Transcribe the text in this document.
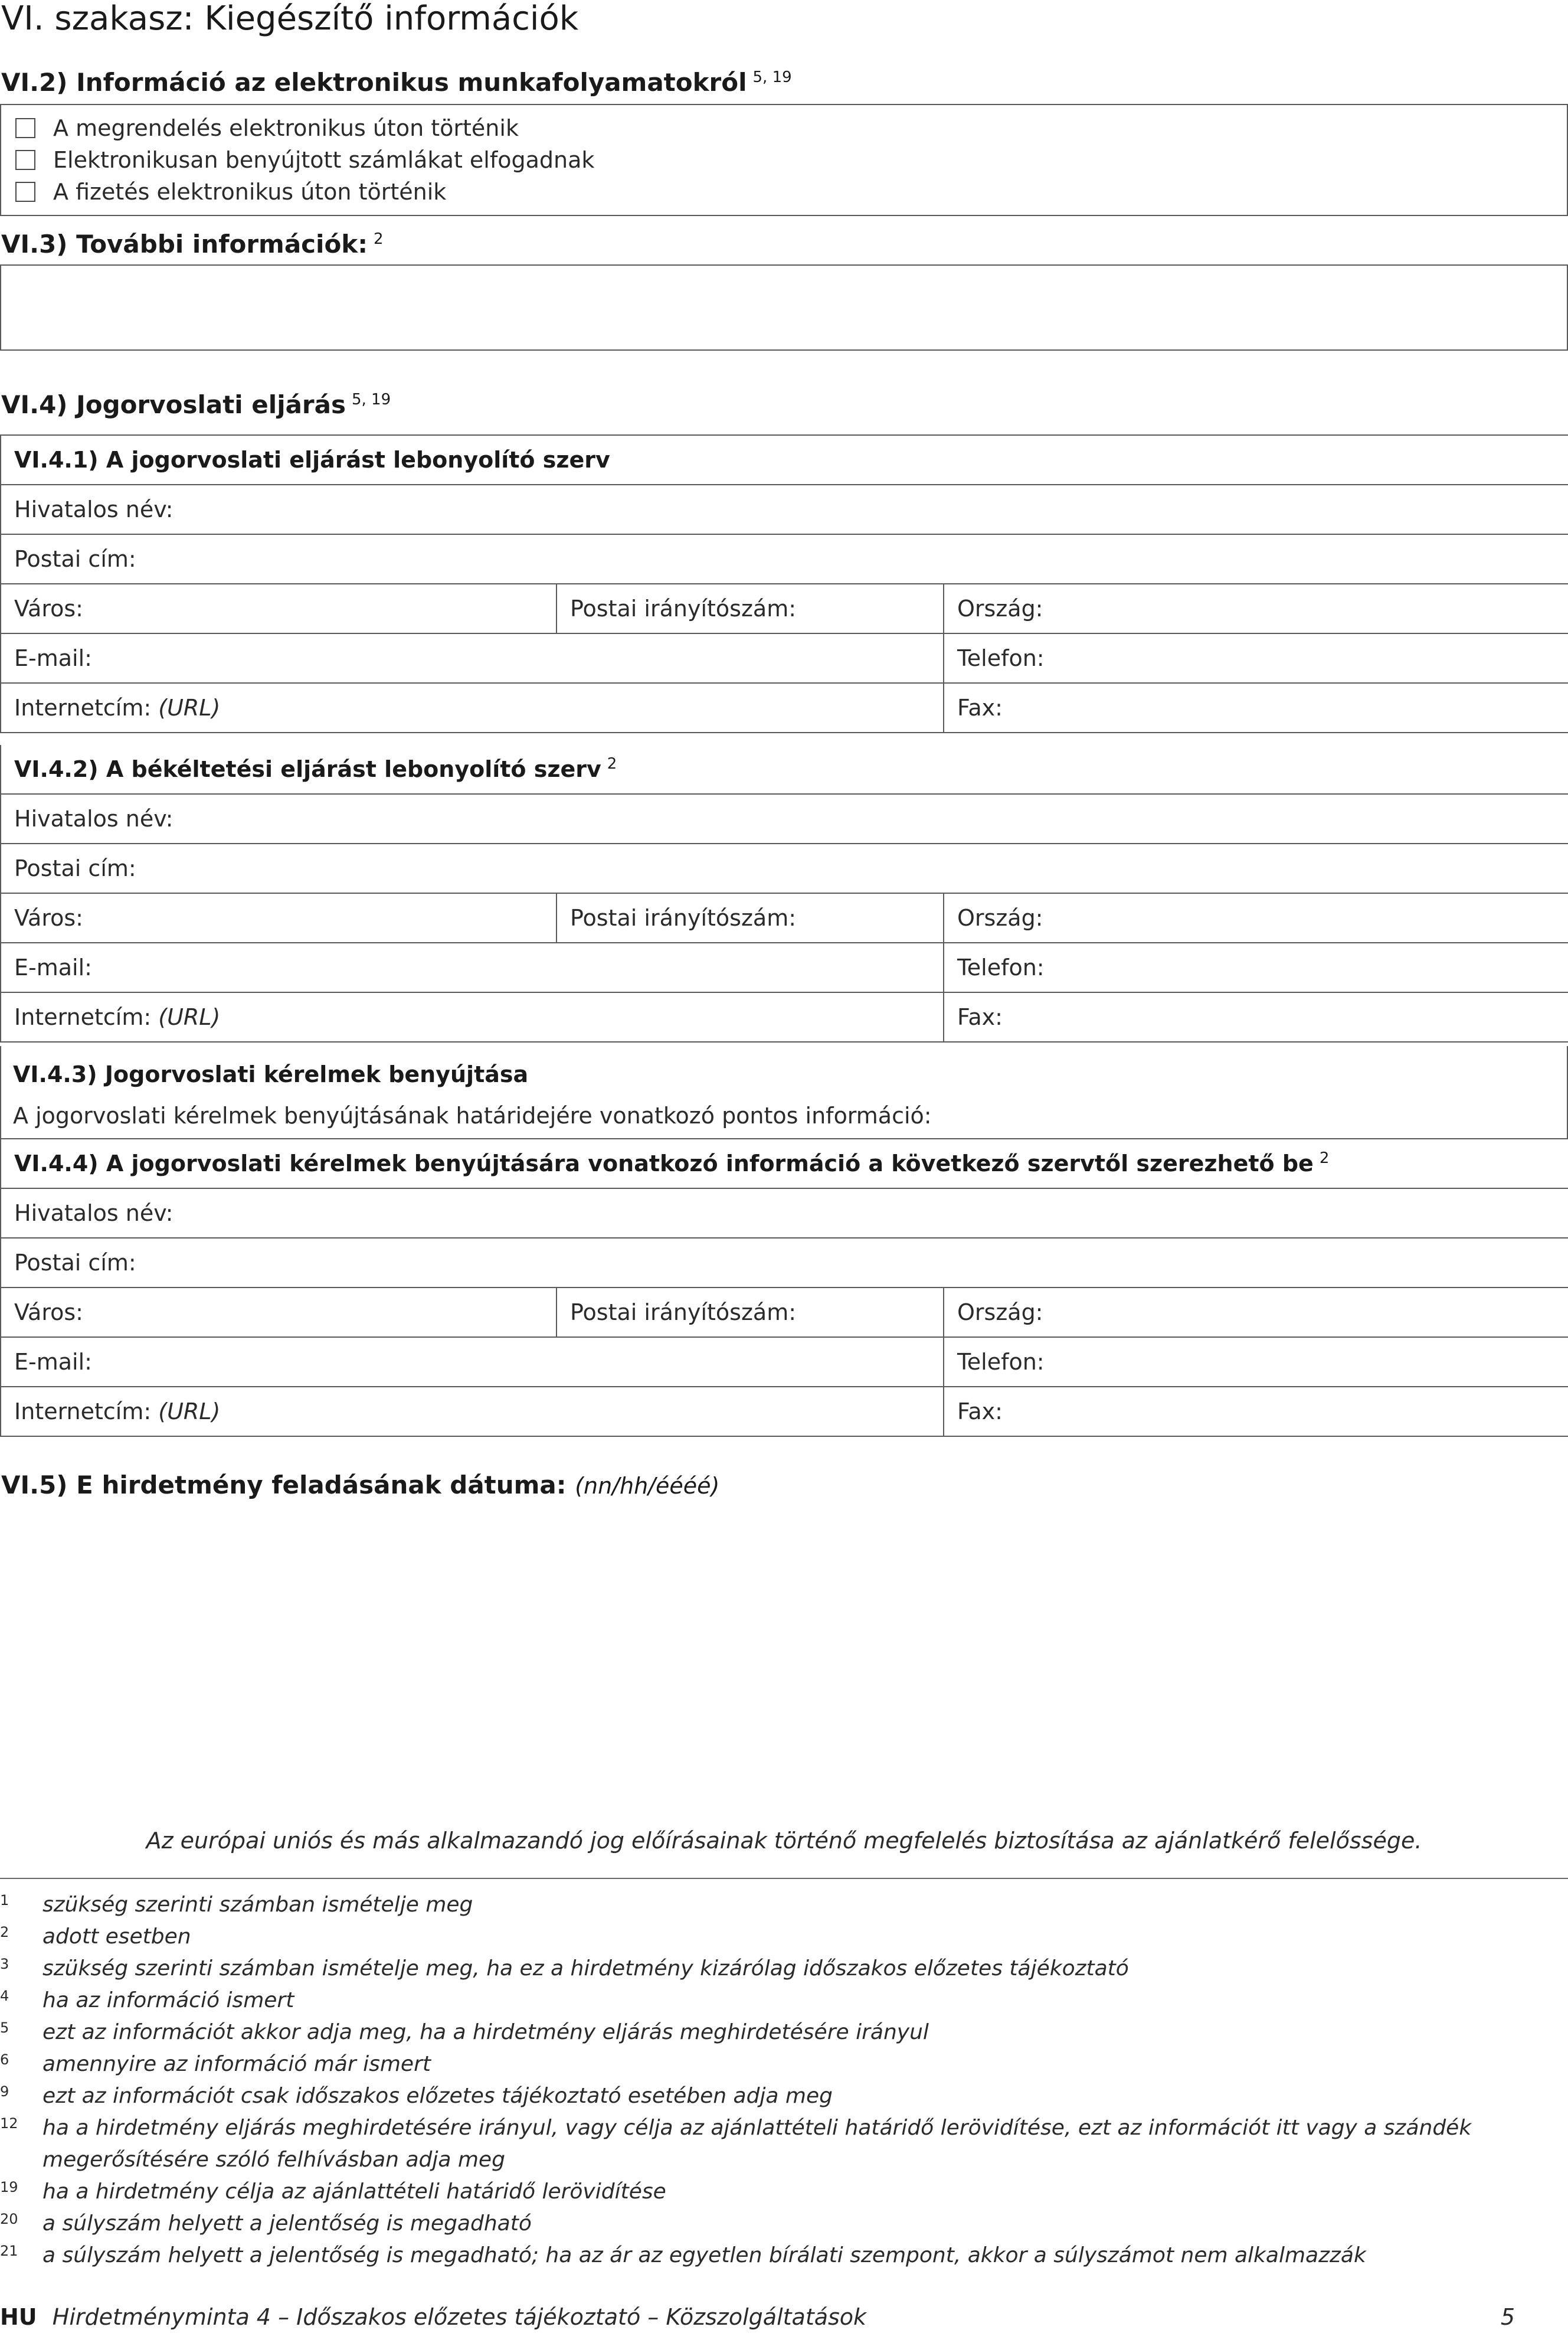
VI. szakasz: Kiegészítő információk
VI.2) Információ az elektronikus munkafolyamatokról $^{5, 19}$
A megrendelés elektronikus úton történik
Elektronikusan benyújtott számlákat elfogadnak
A fizetés elektronikus úton történik
VI.3) További információk: $^2$
VI.4) Jogorvoslati eljárás $^{5, 19}$
VI.4.1) A jogorvoslati eljárást lebonyolító szerv		
Hivatalos név:		
Postai cím:		
Város:	Postai irányítószám:	Ország:
E-mail:		Telefon:
Internetcím: (URL)		Fax:
VI.4.2) A békéltetési eljárást lebonyolító szerv $^2$
Hivatalos név:		
Postai cím:		
Város:	Postai irányítószám:	Ország:
E-mail:		Telefon:
Internetcím: (URL)		Fax:
VI.4.3) Jogorvoslati kérelmek benyújtása
A jogorvoslati kérelmek benyújtásának határidejére vonatkozó pontos információ:
VI.4.4) A jogorvoslati kérelmek benyújtására vonatkozó információ a következő szervtől szerezhető be $^2$
Hivatalos név:		
Postai cím:		
Város:	Postai irányítószám:	Ország:
E-mail:		Telefon:
Internetcím: (URL)		Fax:
VI.5) E hirdetmény feladásának dátuma: (nn/hh/éééé)
Az európai uniós és más alkalmazandó jog előírásainak történő megfelelés biztosítása az ajánlatkérő felelőssége.
1 szükség szerinti számban ismételje meg
2 adott esetben
3 szükség szerinti számban ismételje meg, ha ez a hirdetmény kizárólag időszakos előzetes tájékoztató
4 ha az információ ismert
5 ezt az információt akkor adja meg, ha a hirdetmény eljárás meghirdetésére irányul
6 amennyire az információ már ismert
9 ezt az információt csak időszakos előzetes tájékoztató esetében adja meg
12 ha a hirdetmény eljárás meghirdetésére irányul, vagy célja az ajánlattételi határidő lerövidítése, ezt az információt itt vagy a szándék megerősítésére szóló felhívásban adja meg
19 ha a hirdetmény célja az ajánlattételi határidő lerövidítése
20 a súlyszám helyett a jelentőség is megadható
21 a súlyszám helyett a jelentőség is megadható; ha az ár az egyetlen bírálati szempont, akkor a súlyszámot nem alkalmazzák
HU Hirdetményminta 4 – Időszakos előzetes tájékoztató – Közszolgáltatások	5
